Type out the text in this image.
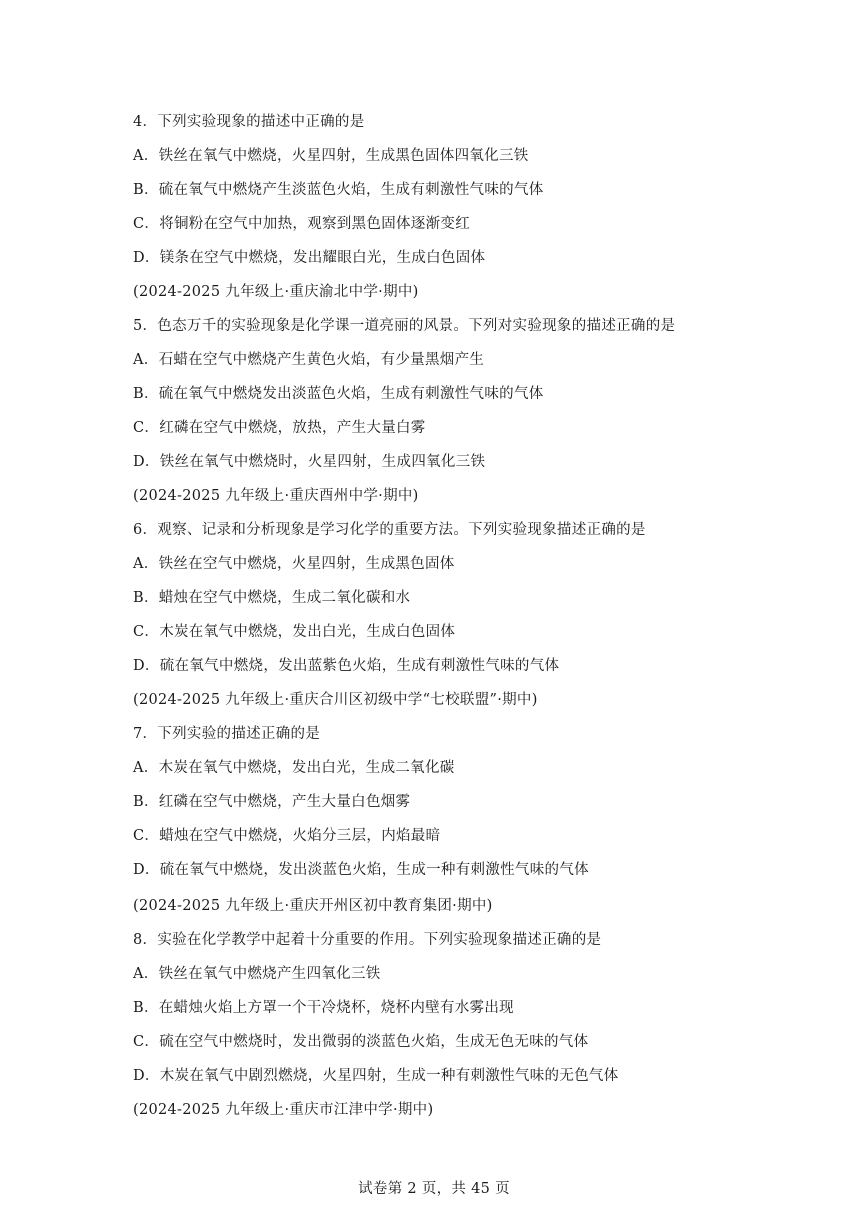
4．下列实验现象的描述中正确的是
A．铁丝在氧气中燃烧，火星四射，生成黑色固体四氧化三铁
B．硫在氧气中燃烧产生淡蓝色火焰，生成有刺激性气味的气体
C．将铜粉在空气中加热，观察到黑色固体逐渐变红
D．镁条在空气中燃烧，发出耀眼白光，生成白色固体
(2024-2025 九年级上·重庆渝北中学·期中)
5．色态万千的实验现象是化学课一道亮丽的风景。下列对实验现象的描述正确的是
A．石蜡在空气中燃烧产生黄色火焰，有少量黑烟产生
B．硫在氧气中燃烧发出淡蓝色火焰，生成有刺激性气味的气体
C．红磷在空气中燃烧，放热，产生大量白雾
D．铁丝在氧气中燃烧时，火星四射，生成四氧化三铁
(2024-2025 九年级上·重庆酉州中学·期中)
6．观察、记录和分析现象是学习化学的重要方法。下列实验现象描述正确的是
A．铁丝在空气中燃烧，火星四射，生成黑色固体
B．蜡烛在空气中燃烧，生成二氧化碳和水
C．木炭在氧气中燃烧，发出白光，生成白色固体
D．硫在氧气中燃烧，发出蓝紫色火焰，生成有刺激性气味的气体
(2024-2025 九年级上·重庆合川区初级中学“七校联盟”·期中)
7．下列实验的描述正确的是
A．木炭在氧气中燃烧，发出白光，生成二氧化碳
B．红磷在空气中燃烧，产生大量白色烟雾
C．蜡烛在空气中燃烧，火焰分三层，内焰最暗
D．硫在氧气中燃烧，发出淡蓝色火焰，生成一种有刺激性气味的气体
(2024-2025 九年级上·重庆开州区初中教育集团·期中)
8．实验在化学教学中起着十分重要的作用。下列实验现象描述正确的是
A．铁丝在氧气中燃烧产生四氧化三铁
B．在蜡烛火焰上方罩一个干冷烧杯，烧杯内壁有水雾出现
C．硫在空气中燃烧时，发出微弱的淡蓝色火焰，生成无色无味的气体
D．木炭在氧气中剧烈燃烧，火星四射，生成一种有刺激性气味的无色气体
(2024-2025 九年级上·重庆市江津中学·期中)
试卷第 2 页，共 45 页
